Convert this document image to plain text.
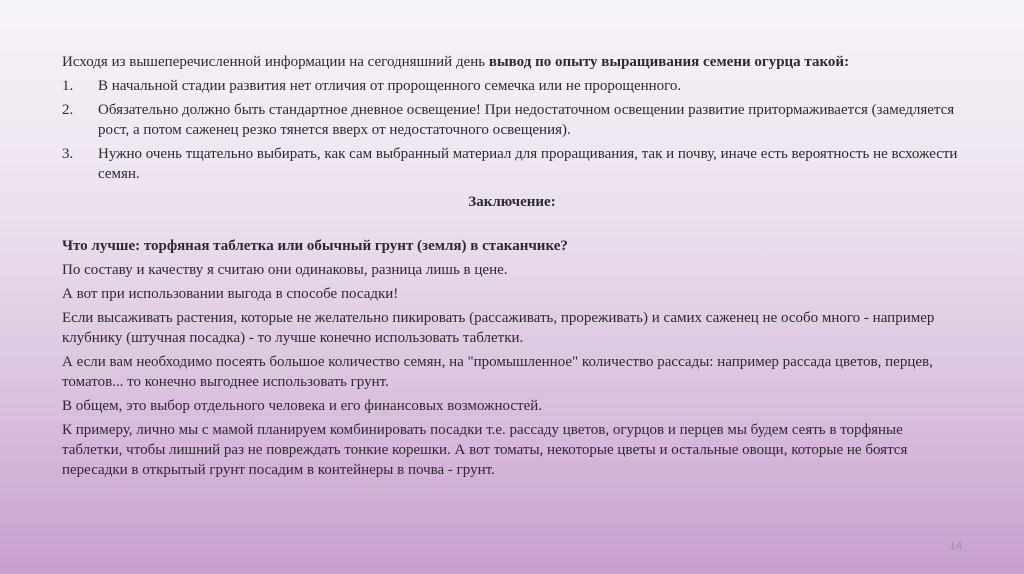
Исходя из вышеперечисленной информации на сегодняшний день вывод по опыту выращивания семени огурца такой:

1.	В начальной стадии развития нет отличия от пророщенного семечка или не пророщенного.
2.	Обязательно должно быть стандартное дневное освещение! При недостаточном освещении развитие притормаживается (замедляется рост, а потом саженец резко тянется вверх от недостаточного освещения).
3.	Нужно очень тщательно выбирать, как сам выбранный материал для проращивания, так и почву, иначе есть вероятность не всхожести семян.
Заключение:

Что лучше: торфяная таблетка или обычный грунт (земля) в стаканчике?

По составу и качеству я считаю они одинаковы, разница лишь в цене.

А вот при использовании выгода в способе посадки!

Если высаживать растения, которые не желательно пикировать (рассаживать, прореживать) и самих саженец не особо много - например клубнику (штучная посадка) - то лучше конечно использовать таблетки.

А если вам необходимо посеять большое количество семян, на "промышленное" количество рассады: например рассада цветов, перцев, томатов... то конечно выгоднее использовать грунт.

В общем, это выбор отдельного человека и его финансовых возможностей.

К примеру, лично мы с мамой планируем комбинировать посадки т.е. рассаду цветов, огурцов и перцев мы будем сеять в торфяные таблетки, чтобы лишний раз не повреждать тонкие корешки. А вот томаты, некоторые цветы и остальные овощи, которые не боятся пересадки в открытый грунт посадим в контейнеры в почва - грунт.

14
